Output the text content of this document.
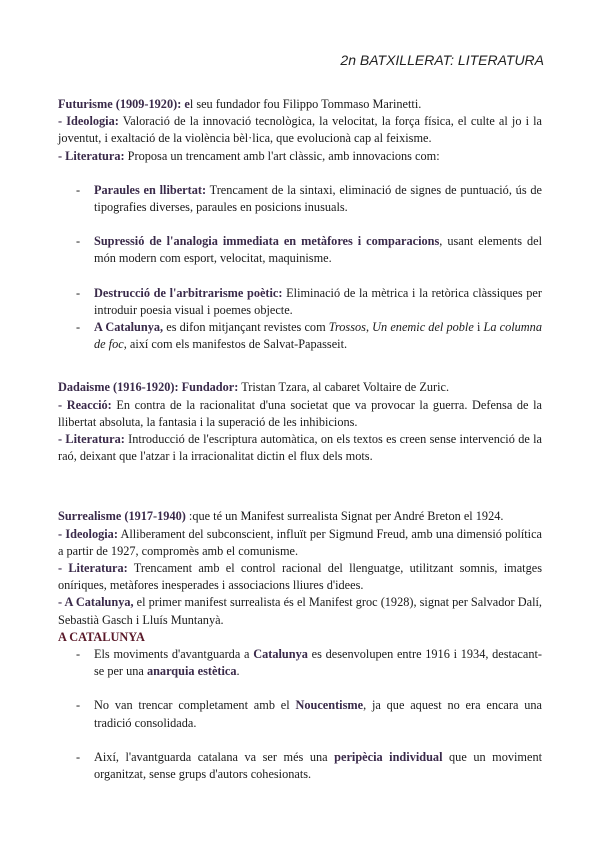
2n BATXILLERAT: LITERATURA

Futurisme (1909-1920): el seu fundador fou Filippo Tommaso Marinetti.

- Ideologia: Valoració de la innovació tecnològica, la velocitat, la força física, el culte al jo i la joventut, i exaltació de la violència bèl·lica, que evolucionà cap al feixisme.

- Literatura: Proposa un trencament amb l'art clàssic, amb innovacions com:

- Paraules en llibertat: Trencament de la sintaxi, eliminació de signes de puntuació, ús de tipografies diverses, paraules en posicions inusuals.
- Supressió de l'analogia immediata en metàfores i comparacions, usant elements del món modern com esport, velocitat, maquinisme.
- Destrucció de l'arbitrarisme poètic: Eliminació de la mètrica i la retòrica clàssiques per introduir poesia visual i poemes objecte.
- A Catalunya, es difon mitjançant revistes com Trossos, Un enemic del poble i La columna de foc, així com els manifestos de Salvat-Papasseit.

Dadaisme (1916-1920): Fundador: Tristan Tzara, al cabaret Voltaire de Zuric.

- Reacció: En contra de la racionalitat d'una societat que va provocar la guerra. Defensa de la llibertat absoluta, la fantasia i la superació de les inhibicions.

- Literatura: Introducció de l'escriptura automàtica, on els textos es creen sense intervenció de la raó, deixant que l'atzar i la irracionalitat dictin el flux dels mots.

Surrealisme (1917-1940) :que té un Manifest surrealista Signat per André Breton el 1924.

- Ideologia: Alliberament del subconscient, influït per Sigmund Freud, amb una dimensió política a partir de 1927, compromès amb el comunisme.

- Literatura: Trencament amb el control racional del llenguatge, utilitzant somnis, imatges oníriques, metàfores inesperades i associacions lliures d'idees.

- A Catalunya, el primer manifest surrealista és el Manifest groc (1928), signat per Salvador Dalí, Sebastià Gasch i Lluís Muntanyà.

A CATALUNYA

- Els moviments d'avantguarda a Catalunya es desenvolupen entre 1916 i 1934, destacant-se per una anarquia estètica.
- No van trencar completament amb el Noucentisme, ja que aquest no era encara una tradició consolidada.
- Així, l'avantguarda catalana va ser més una peripècia individual que un moviment organitzat, sense grups d'autors cohesionats.
